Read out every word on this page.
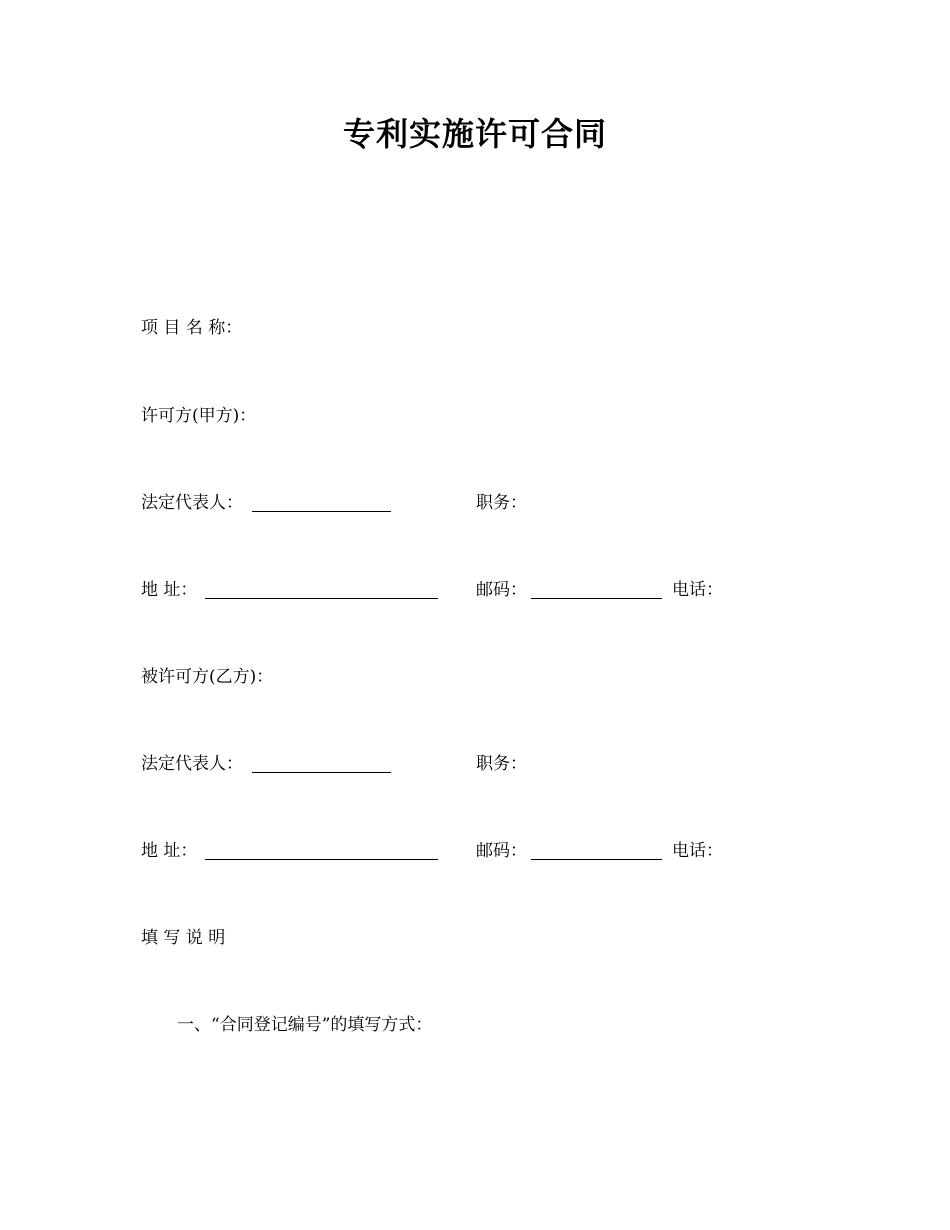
专利实施许可合同
项 目 名 称：
许可方(甲方)：
法定代表人：	职务：
地 址：	邮码：	电话：
被许可方(乙方)：
法定代表人：	职务：
地 址：	邮码：	电话：
填 写 说 明
一、“合同登记编号”的填写方式：
